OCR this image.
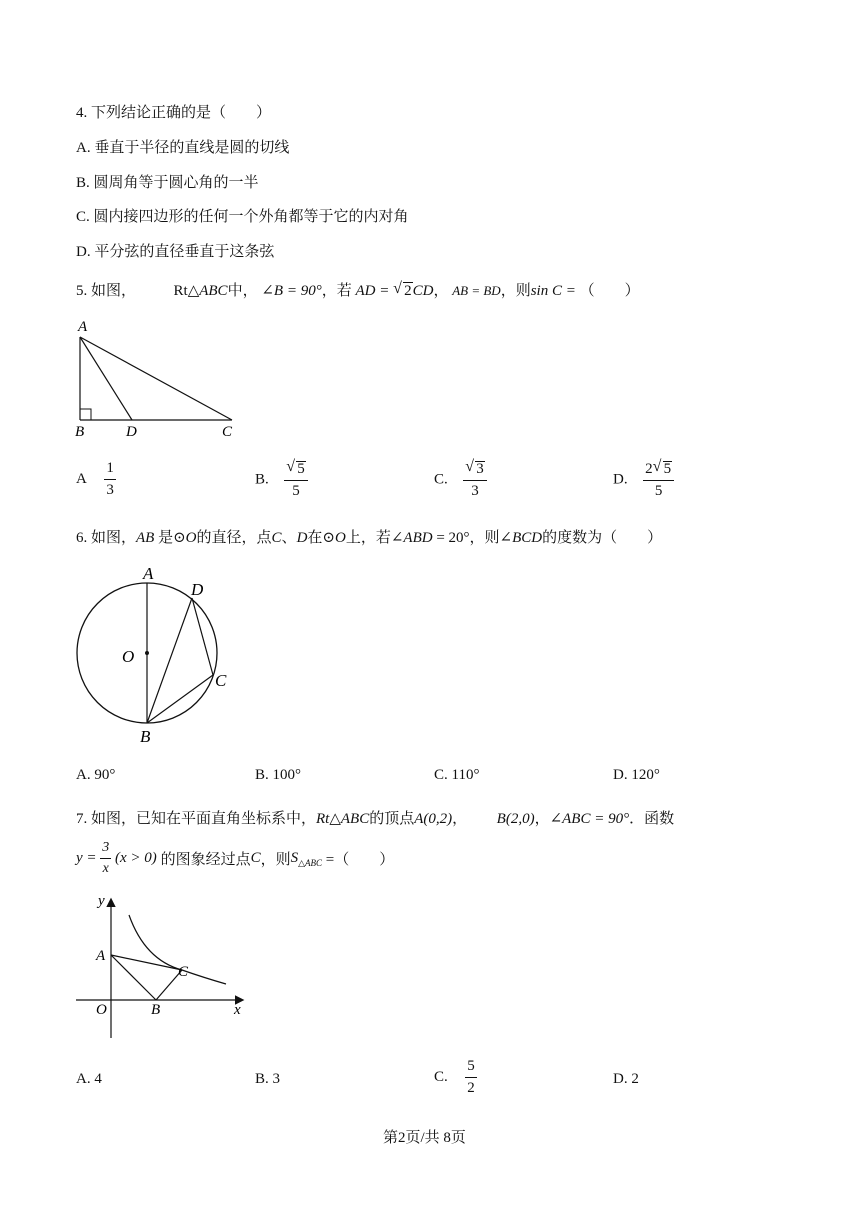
4. 下列结论正确的是（　　）
A. 垂直于半径的直线是圆的切线
B. 圆周角等于圆心角的一半
C. 圆内接四边形的任何一个外角都等于它的内对角
D. 平分弦的直径垂直于这条弦
5. 如图，	Rt△ABC中， ∠B = 90°，若 AD = √ 2CD， AB = BD，则sin C = （　　）
A
B	D	C
A $\frac{1}{3}$	B. $\frac{√ 5}{5}$	C. $\frac{√ 3}{3}$	D. $\frac{2 √ 5}{5}$
6. 如图，AB 是⊙O的直径，点C、D在⊙O上，若∠ABD = 20°，则∠BCD的度数为（　　）
A
D
O
C
B
A. 90°	B. 100°	C. 110°	D. 120°
7. 如图，已知在平面直角坐标系中，Rt△ABC的顶点A(0,2)， B(2,0)，∠ABC = 90°．函数
$y = \frac{3}{x} (x > 0)$ 的图象经过点C，则$S_{\triangle ABC}$ =（　　）
y
x
O
A
B
C
A. 4	B. 3	C. $\frac{5}{2}$	D. 2
第2页/共 8页
